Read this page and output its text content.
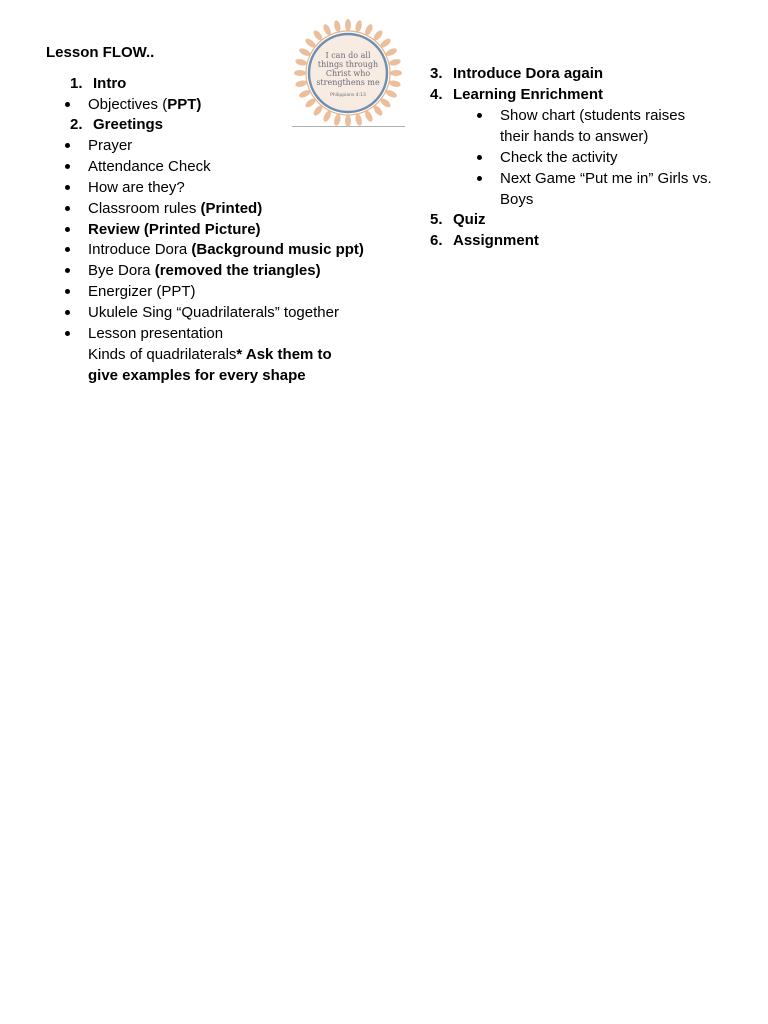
Lesson FLOW..	I can do all
things through
Christ who
strengthens me
Philippians 4:13
1. Intro
Objectives (PPT)
2. Greetings
Prayer
Attendance Check
How are they?
Classroom rules (Printed)
Review (Printed Picture)
Introduce Dora (Background music ppt)
Bye Dora (removed the triangles)
Energizer (PPT)
Ukulele Sing “Quadrilaterals” together
Lesson presentation
Kinds of quadrilaterals* Ask them to
give examples for every shape
3. Introduce Dora again
4. Learning Enrichment
Show chart (students raises
their hands to answer)
Check the activity
Next Game “Put me in” Girls vs.
Boys
5. Quiz
6. Assignment
